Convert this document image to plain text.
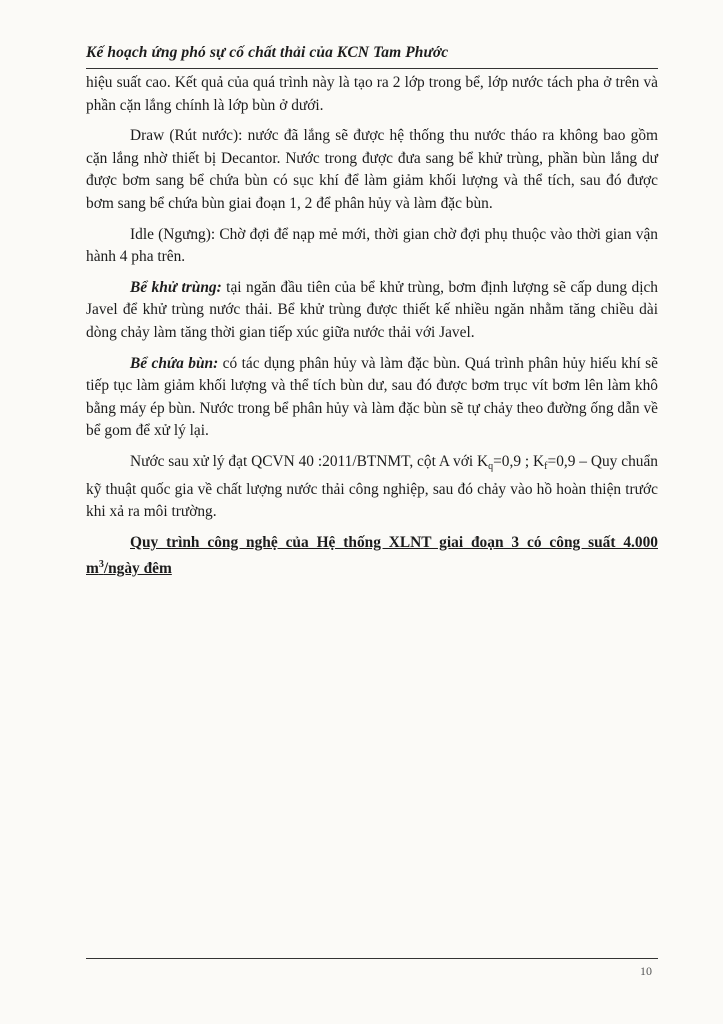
Kế hoạch ứng phó sự cố chất thải của KCN Tam Phước

hiệu suất cao. Kết quả của quá trình này là tạo ra 2 lớp trong bể, lớp nước tách pha ở trên và phần cặn lắng chính là lớp bùn ở dưới.

Draw (Rút nước): nước đã lắng sẽ được hệ thống thu nước tháo ra không bao gồm cặn lắng nhờ thiết bị Decantor. Nước trong được đưa sang bể khử trùng, phần bùn lắng dư được bơm sang bể chứa bùn có sục khí để làm giảm khối lượng và thể tích, sau đó được bơm sang bể chứa bùn giai đoạn 1, 2 để phân hủy và làm đặc bùn.

Idle (Ngưng): Chờ đợi để nạp mẻ mới, thời gian chờ đợi phụ thuộc vào thời gian vận hành 4 pha trên.

Bể khử trùng: tại ngăn đầu tiên của bể khử trùng, bơm định lượng sẽ cấp dung dịch Javel để khử trùng nước thải. Bể khử trùng được thiết kế nhiều ngăn nhằm tăng chiều dài dòng chảy làm tăng thời gian tiếp xúc giữa nước thải với Javel.

Bể chứa bùn: có tác dụng phân hủy và làm đặc bùn. Quá trình phân hủy hiếu khí sẽ tiếp tục làm giảm khối lượng và thể tích bùn dư, sau đó được bơm trục vít bơm lên làm khô bằng máy ép bùn. Nước trong bể phân hủy và làm đặc bùn sẽ tự chảy theo đường ống dẫn về bể gom để xử lý lại.

Nước sau xử lý đạt QCVN 40 :2011/BTNMT, cột A với $K_q=0,9$ ; $K_f=0,9$ – Quy chuẩn kỹ thuật quốc gia về chất lượng nước thải công nghiệp, sau đó chảy vào hồ hoàn thiện trước khi xả ra môi trường.

Quy trình công nghệ của Hệ thống XLNT giai đoạn 3 có công suất 4.000 $m^3$/ngày đêm

10
